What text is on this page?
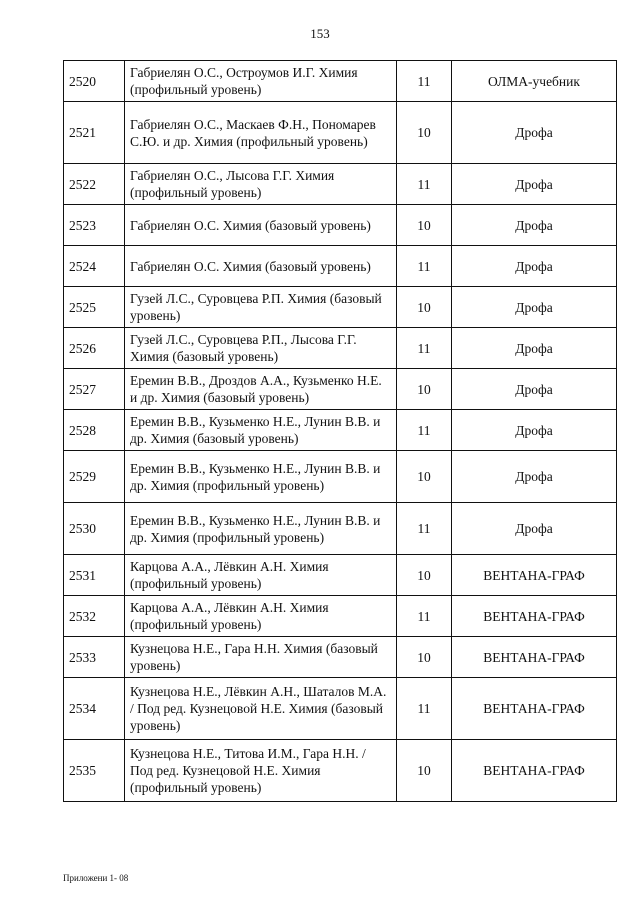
153
2520	Габриелян О.С., Остроумов И.Г. Химия (профильный уровень)	11	ОЛМА-учебник
2521	Габриелян О.С., Маскаев Ф.Н., Пономарев С.Ю. и др. Химия (профильный уровень)	10	Дрофа
2522	Габриелян О.С., Лысова Г.Г. Химия (профильный уровень)	11	Дрофа
2523	Габриелян О.С. Химия (базовый уровень)	10	Дрофа
2524	Габриелян О.С. Химия (базовый уровень)	11	Дрофа
2525	Гузей Л.С., Суровцева Р.П. Химия (базовый уровень)	10	Дрофа
2526	Гузей Л.С., Суровцева Р.П., Лысова Г.Г. Химия (базовый уровень)	11	Дрофа
2527	Еремин В.В., Дроздов А.А., Кузьменко Н.Е. и др. Химия (базовый уровень)	10	Дрофа
2528	Еремин В.В., Кузьменко Н.Е., Лунин В.В. и др. Химия (базовый уровень)	11	Дрофа
2529	Еремин В.В., Кузьменко Н.Е., Лунин В.В. и др. Химия (профильный уровень)	10	Дрофа
2530	Еремин В.В., Кузьменко Н.Е., Лунин В.В. и др. Химия (профильный уровень)	11	Дрофа
2531	Карцова А.А., Лёвкин А.Н. Химия (профильный уровень)	10	ВЕНТАНА-ГРАФ
2532	Карцова А.А., Лёвкин А.Н. Химия (профильный уровень)	11	ВЕНТАНА-ГРАФ
2533	Кузнецова Н.Е., Гара Н.Н. Химия (базовый уровень)	10	ВЕНТАНА-ГРАФ
2534	Кузнецова Н.Е., Лёвкин А.Н., Шаталов М.А. / Под ред. Кузнецовой Н.Е. Химия (базовый уровень)	11	ВЕНТАНА-ГРАФ
2535	Кузнецова Н.Е., Титова И.М., Гара Н.Н. / Под ред. Кузнецовой Н.Е. Химия (профильный уровень)	10	ВЕНТАНА-ГРАФ
Приложени 1- 08
